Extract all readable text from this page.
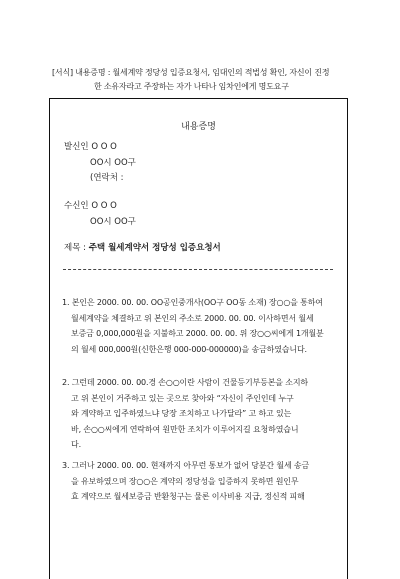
[서식] 내용증명 : 월세계약 정당성 입증요청서, 임대인의 적법성 확인, 자신이 진정
한 소유자라고 주장하는 자가 나타나 임차인에게 명도요구
내용증명
발신인 O O O
OO시 OO구
(연락처 :
수신인 O O O
OO시 OO구
제목 : 주택 월세계약서 정당성 입증요청서
1. 본인은 2000. 00. 00. OO공인중개사(OO구 OO동 소재) 장○○을 통하여
월세계약을 체결하고 위 본인의 주소로 2000. 00. 00. 이사하면서 월세
보증금 0,000,000원을 지불하고 2000. 00. 00. 위 장○○씨에게 1개월분
의 월세 000,000원(신한은행 000-000-000000)을 송금하였습니다.
2. 그런데 2000. 00. 00.경 손○○이란 사람이 건물등기부등본을 소지하
고 위 본인이 거주하고 있는 곳으로 찾아와 “자신이 주인인데 누구
와 계약하고 입주하였느냐 당장 조치하고 나가달라” 고 하고 있는
바, 손○○씨에게 연락하여 원만한 조치가 이루어지길 요청하였습니
다.
3. 그러나 2000. 00. 00. 현재까지 아무런 통보가 없어 당분간 월세 송금
을 유보하였으며 장○○은 계약의 정당성을 입증하지 못하면 원인무
효 계약으로 월세보증금 반환청구는 물론 이사비용 지급, 정신적 피해
